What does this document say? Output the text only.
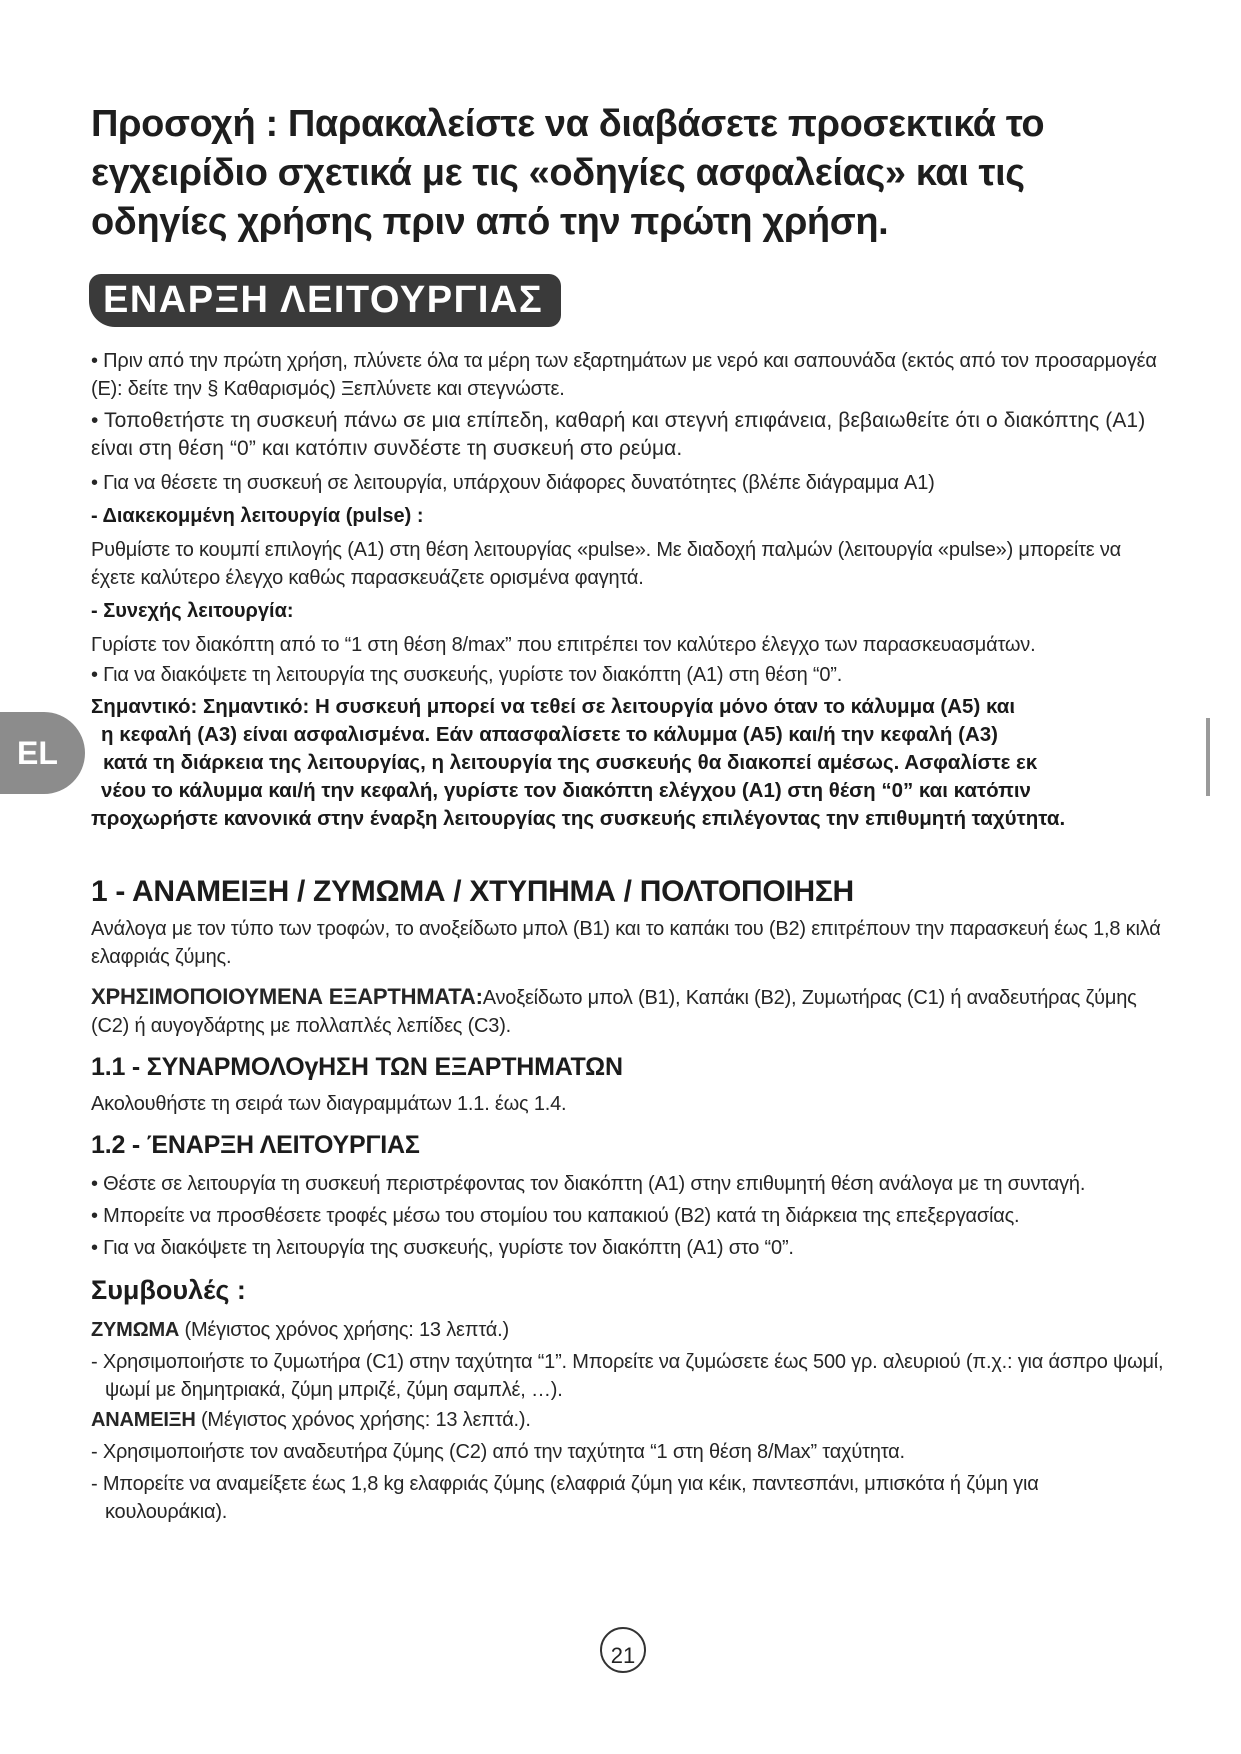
EL
Προσοχή : Παρακαλείστε να διαβάσετε προσεκτικά το εγχειρίδιο σχετικά με τις «οδηγίες ασφαλείας» και τις οδηγίες χρήσης πριν από την πρώτη χρήση.
ΕΝΑΡΞΗ ΛΕΙΤΟΥΡΓΙΑΣ

• Πριν από την πρώτη χρήση, πλύνετε όλα τα μέρη των εξαρτημάτων με νερό και σαπουνάδα (εκτός από τον προσαρμογέα (E): δείτε την § Καθαρισμός) Ξεπλύνετε και στεγνώστε.

• Τοποθετήστε τη συσκευή πάνω σε μια επίπεδη, καθαρή και στεγνή επιφάνεια, βεβαιωθείτε ότι ο διακόπτης (A1) είναι στη θέση “0” και κατόπιν συνδέστε τη συσκευή στο ρεύμα.

• Για να θέσετε τη συσκευή σε λειτουργία, υπάρχουν διάφορες δυνατότητες (βλέπε διάγραμμα A1)

- Διακεκομμένη λειτουργία (pulse) :

Ρυθμίστε το κουμπί επιλογής (A1) στη θέση λειτουργίας «pulse». Με διαδοχή παλμών (λειτουργία «pulse») μπορείτε να έχετε καλύτερο έλεγχο καθώς παρασκευάζετε ορισμένα φαγητά.

- Συνεχής λειτουργία:

Γυρίστε τον διακόπτη από το “1 στη θέση 8/max” που επιτρέπει τον καλύτερο έλεγχο των παρασκευασμάτων.

• Για να διακόψετε τη λειτουργία της συσκευής, γυρίστε τον διακόπτη (A1) στη θέση “0”.

Σημαντικό: Σημαντικό: Η συσκευή μπορεί να τεθεί σε λειτουργία μόνο όταν το κάλυμμα (A5) και
η κεφαλή (A3) είναι ασφαλισμένα. Εάν απασφαλίσετε το κάλυμμα (A5) και/ή την κεφαλή (A3)
κατά τη διάρκεια της λειτουργίας, η λειτουργία της συσκευής θα διακοπεί αμέσως. Ασφαλίστε εκ
νέου το κάλυμμα και/ή την κεφαλή, γυρίστε τον διακόπτη ελέγχου (A1) στη θέση “0” και κατόπιν
προχωρήστε κανονικά στην έναρξη λειτουργίας της συσκευής επιλέγοντας την επιθυμητή ταχύτητα.
1 - ΑΝΑΜΕΙΞΗ / ΖΥΜΩΜΑ / ΧΤΥΠΗΜΑ / ΠΟΛΤΟΠΟΙΗΣΗ

Ανάλογα με τον τύπο των τροφών, το ανοξείδωτο μπολ (B1) και το καπάκι του (B2) επιτρέπουν την παρασκευή έως 1,8 κιλά ελαφριάς ζύμης.

ΧΡΗΣΙΜΟΠΟΙΟΥΜΕΝΑ ΕΞΑΡΤΗΜΑΤΑ:Ανοξείδωτο μπολ (B1), Καπάκι (B2), Ζυμωτήρας (C1) ή αναδευτήρας ζύμης (C2) ή αυγογδάρτης με πολλαπλές λεπίδες (C3).

1.1 - ΣΥΝΑΡΜΟΛΟγΗΣΗ ΤΩΝ ΕΞΑΡΤΗΜΑΤΩΝ

Ακολουθήστε τη σειρά των διαγραμμάτων 1.1. έως 1.4.

1.2 - ΈΝΑΡΞΗ ΛΕΙΤΟΥΡΓΙΑΣ

• Θέστε σε λειτουργία τη συσκευή περιστρέφοντας τον διακόπτη (A1) στην επιθυμητή θέση ανάλογα με τη συνταγή.

• Μπορείτε να προσθέσετε τροφές μέσω του στομίου του καπακιού (B2) κατά τη διάρκεια της επεξεργασίας.

• Για να διακόψετε τη λειτουργία της συσκευής, γυρίστε τον διακόπτη (A1) στο “0”.

Συμβουλές :

ΖΥΜΩΜΑ (Μέγιστος χρόνος χρήσης: 13 λεπτά.)

- Χρησιμοποιήστε το ζυμωτήρα (C1) στην ταχύτητα “1”. Μπορείτε να ζυμώσετε έως 500 γρ. αλευριού (π.χ.: για άσπρο ψωμί, ψωμί με δημητριακά, ζύμη μπριζέ, ζύμη σαμπλέ, …).

ΑΝΑΜΕΙΞΗ (Μέγιστος χρόνος χρήσης: 13 λεπτά.).

- Χρησιμοποιήστε τον αναδευτήρα ζύμης (C2) από την ταχύτητα “1 στη θέση 8/Max” ταχύτητα.

- Μπορείτε να αναμείξετε έως 1,8 kg ελαφριάς ζύμης (ελαφριά ζύμη για κέικ, παντεσπάνι, μπισκότα ή ζύμη για κουλουράκια).

21
